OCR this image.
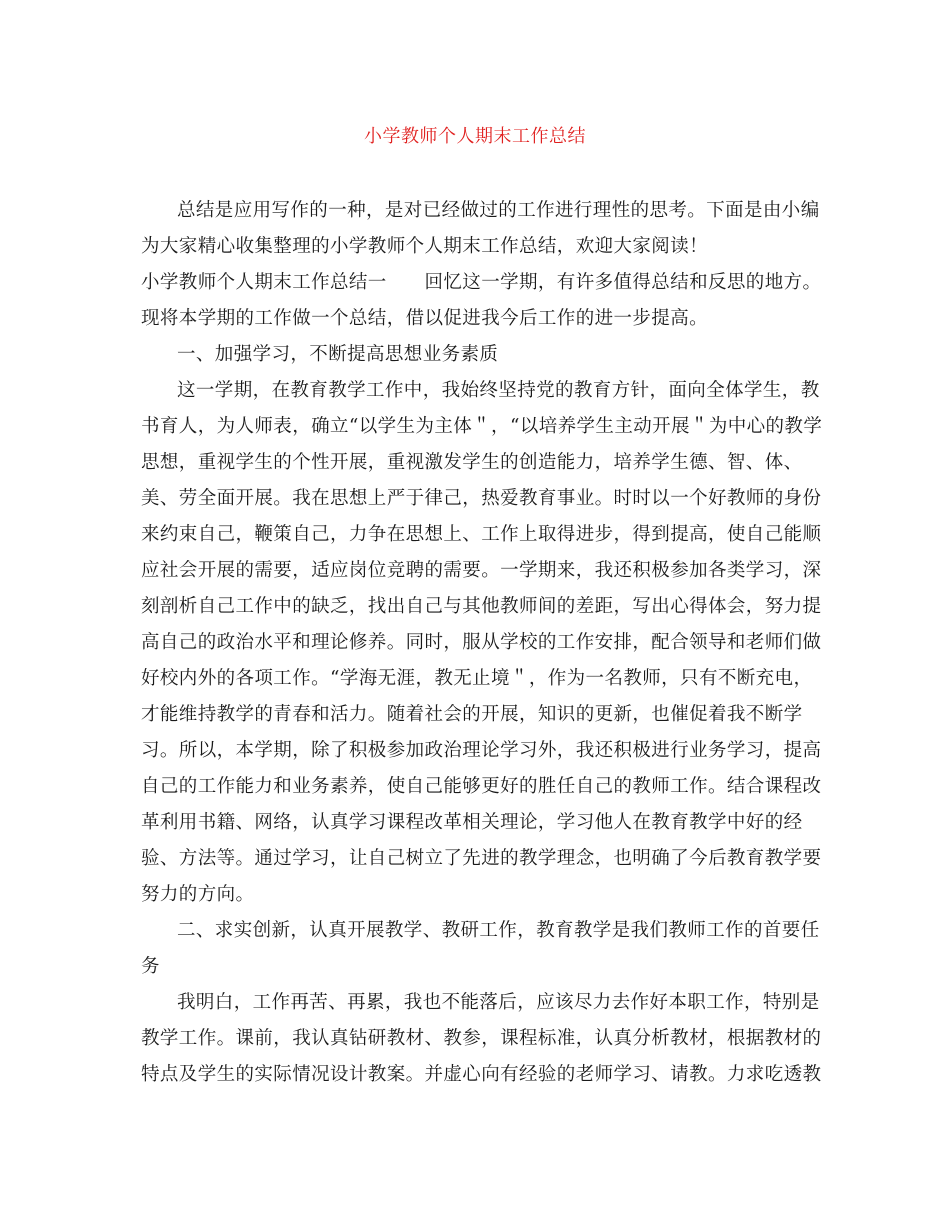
小学教师个人期末工作总结
总结是应用写作的一种，是对已经做过的工作进行理性的思考。下面是由小编
为大家精心收集整理的小学教师个人期末工作总结，欢迎大家阅读！
小学教师个人期末工作总结一　　回忆这一学期，有许多值得总结和反思的地方。
现将本学期的工作做一个总结，借以促进我今后工作的进一步提高。
一、加强学习，不断提高思想业务素质
这一学期，在教育教学工作中，我始终坚持党的教育方针，面向全体学生，教
书育人，为人师表，确立“以学生为主体＂，“以培养学生主动开展＂为中心的教学
思想，重视学生的个性开展，重视激发学生的创造能力，培养学生德、智、体、
美、劳全面开展。我在思想上严于律己，热爱教育事业。时时以一个好教师的身份
来约束自己，鞭策自己，力争在思想上、工作上取得进步，得到提高，使自己能顺
应社会开展的需要，适应岗位竞聘的需要。一学期来，我还积极参加各类学习，深
刻剖析自己工作中的缺乏，找出自己与其他教师间的差距，写出心得体会，努力提
高自己的政治水平和理论修养。同时，服从学校的工作安排，配合领导和老师们做
好校内外的各项工作。“学海无涯，教无止境＂，作为一名教师，只有不断充电，
才能维持教学的青春和活力。随着社会的开展，知识的更新，也催促着我不断学
习。所以，本学期，除了积极参加政治理论学习外，我还积极进行业务学习，提高
自己的工作能力和业务素养，使自己能够更好的胜任自己的教师工作。结合课程改
革利用书籍、网络，认真学习课程改革相关理论，学习他人在教育教学中好的经
验、方法等。通过学习，让自己树立了先进的教学理念，也明确了今后教育教学要
努力的方向。
二、求实创新，认真开展教学、教研工作，教育教学是我们教师工作的首要任
务
我明白，工作再苦、再累，我也不能落后，应该尽力去作好本职工作，特别是
教学工作。课前，我认真钻研教材、教参，课程标准，认真分析教材，根据教材的
特点及学生的实际情况设计教案。并虚心向有经验的老师学习、请教。力求吃透教
